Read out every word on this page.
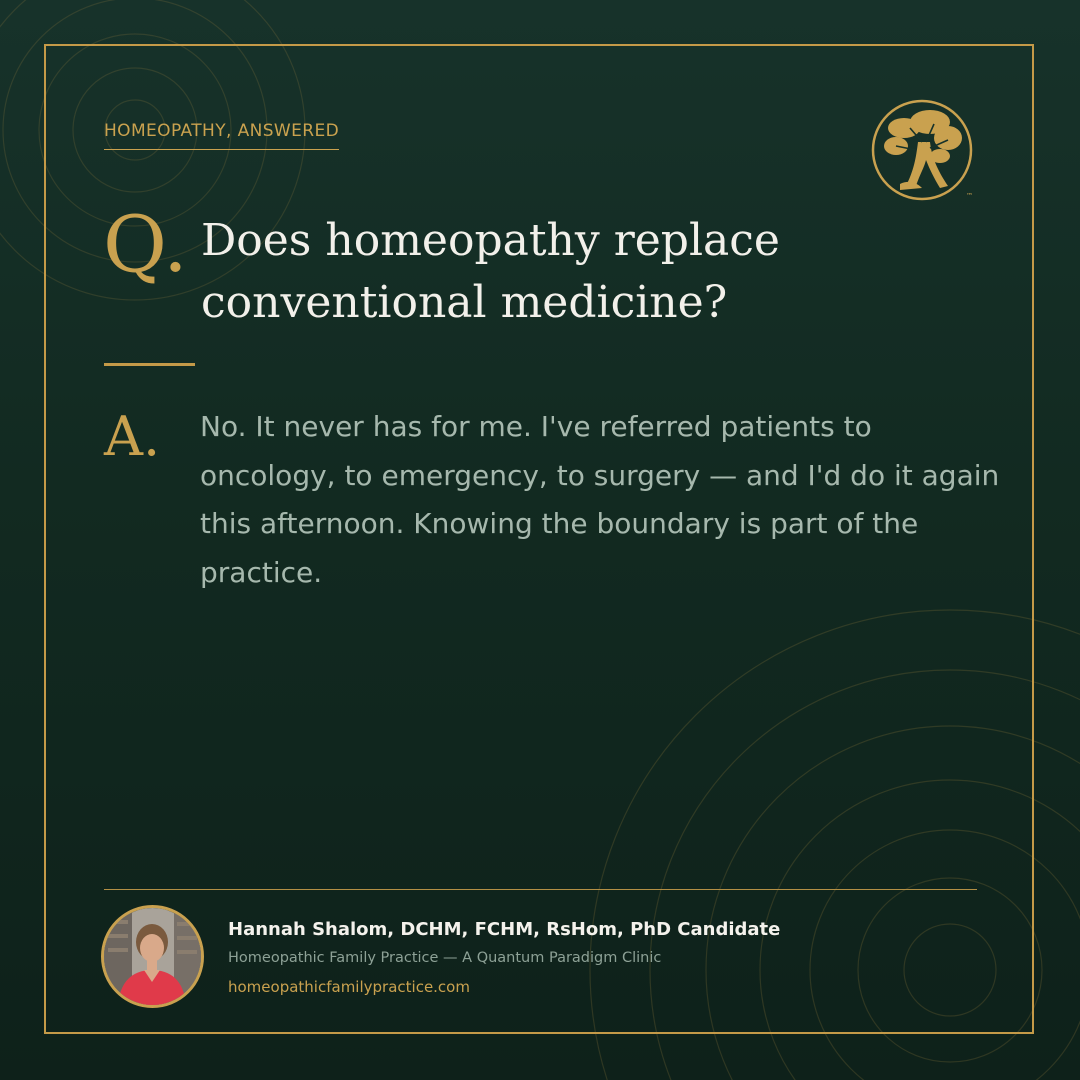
HOMEOPATHY, ANSWERED
™
Q. Does homeopathy replace conventional medicine?
A. No. It never has for me. I've referred patients to oncology, to emergency, to surgery — and I'd do it again this afternoon. Knowing the boundary is part of the practice.

Hannah Shalom, DCHM, FCHM, RsHom, PhD Candidate
Homeopathic Family Practice — A Quantum Paradigm Clinic
homeopathicfamilypractice.com
